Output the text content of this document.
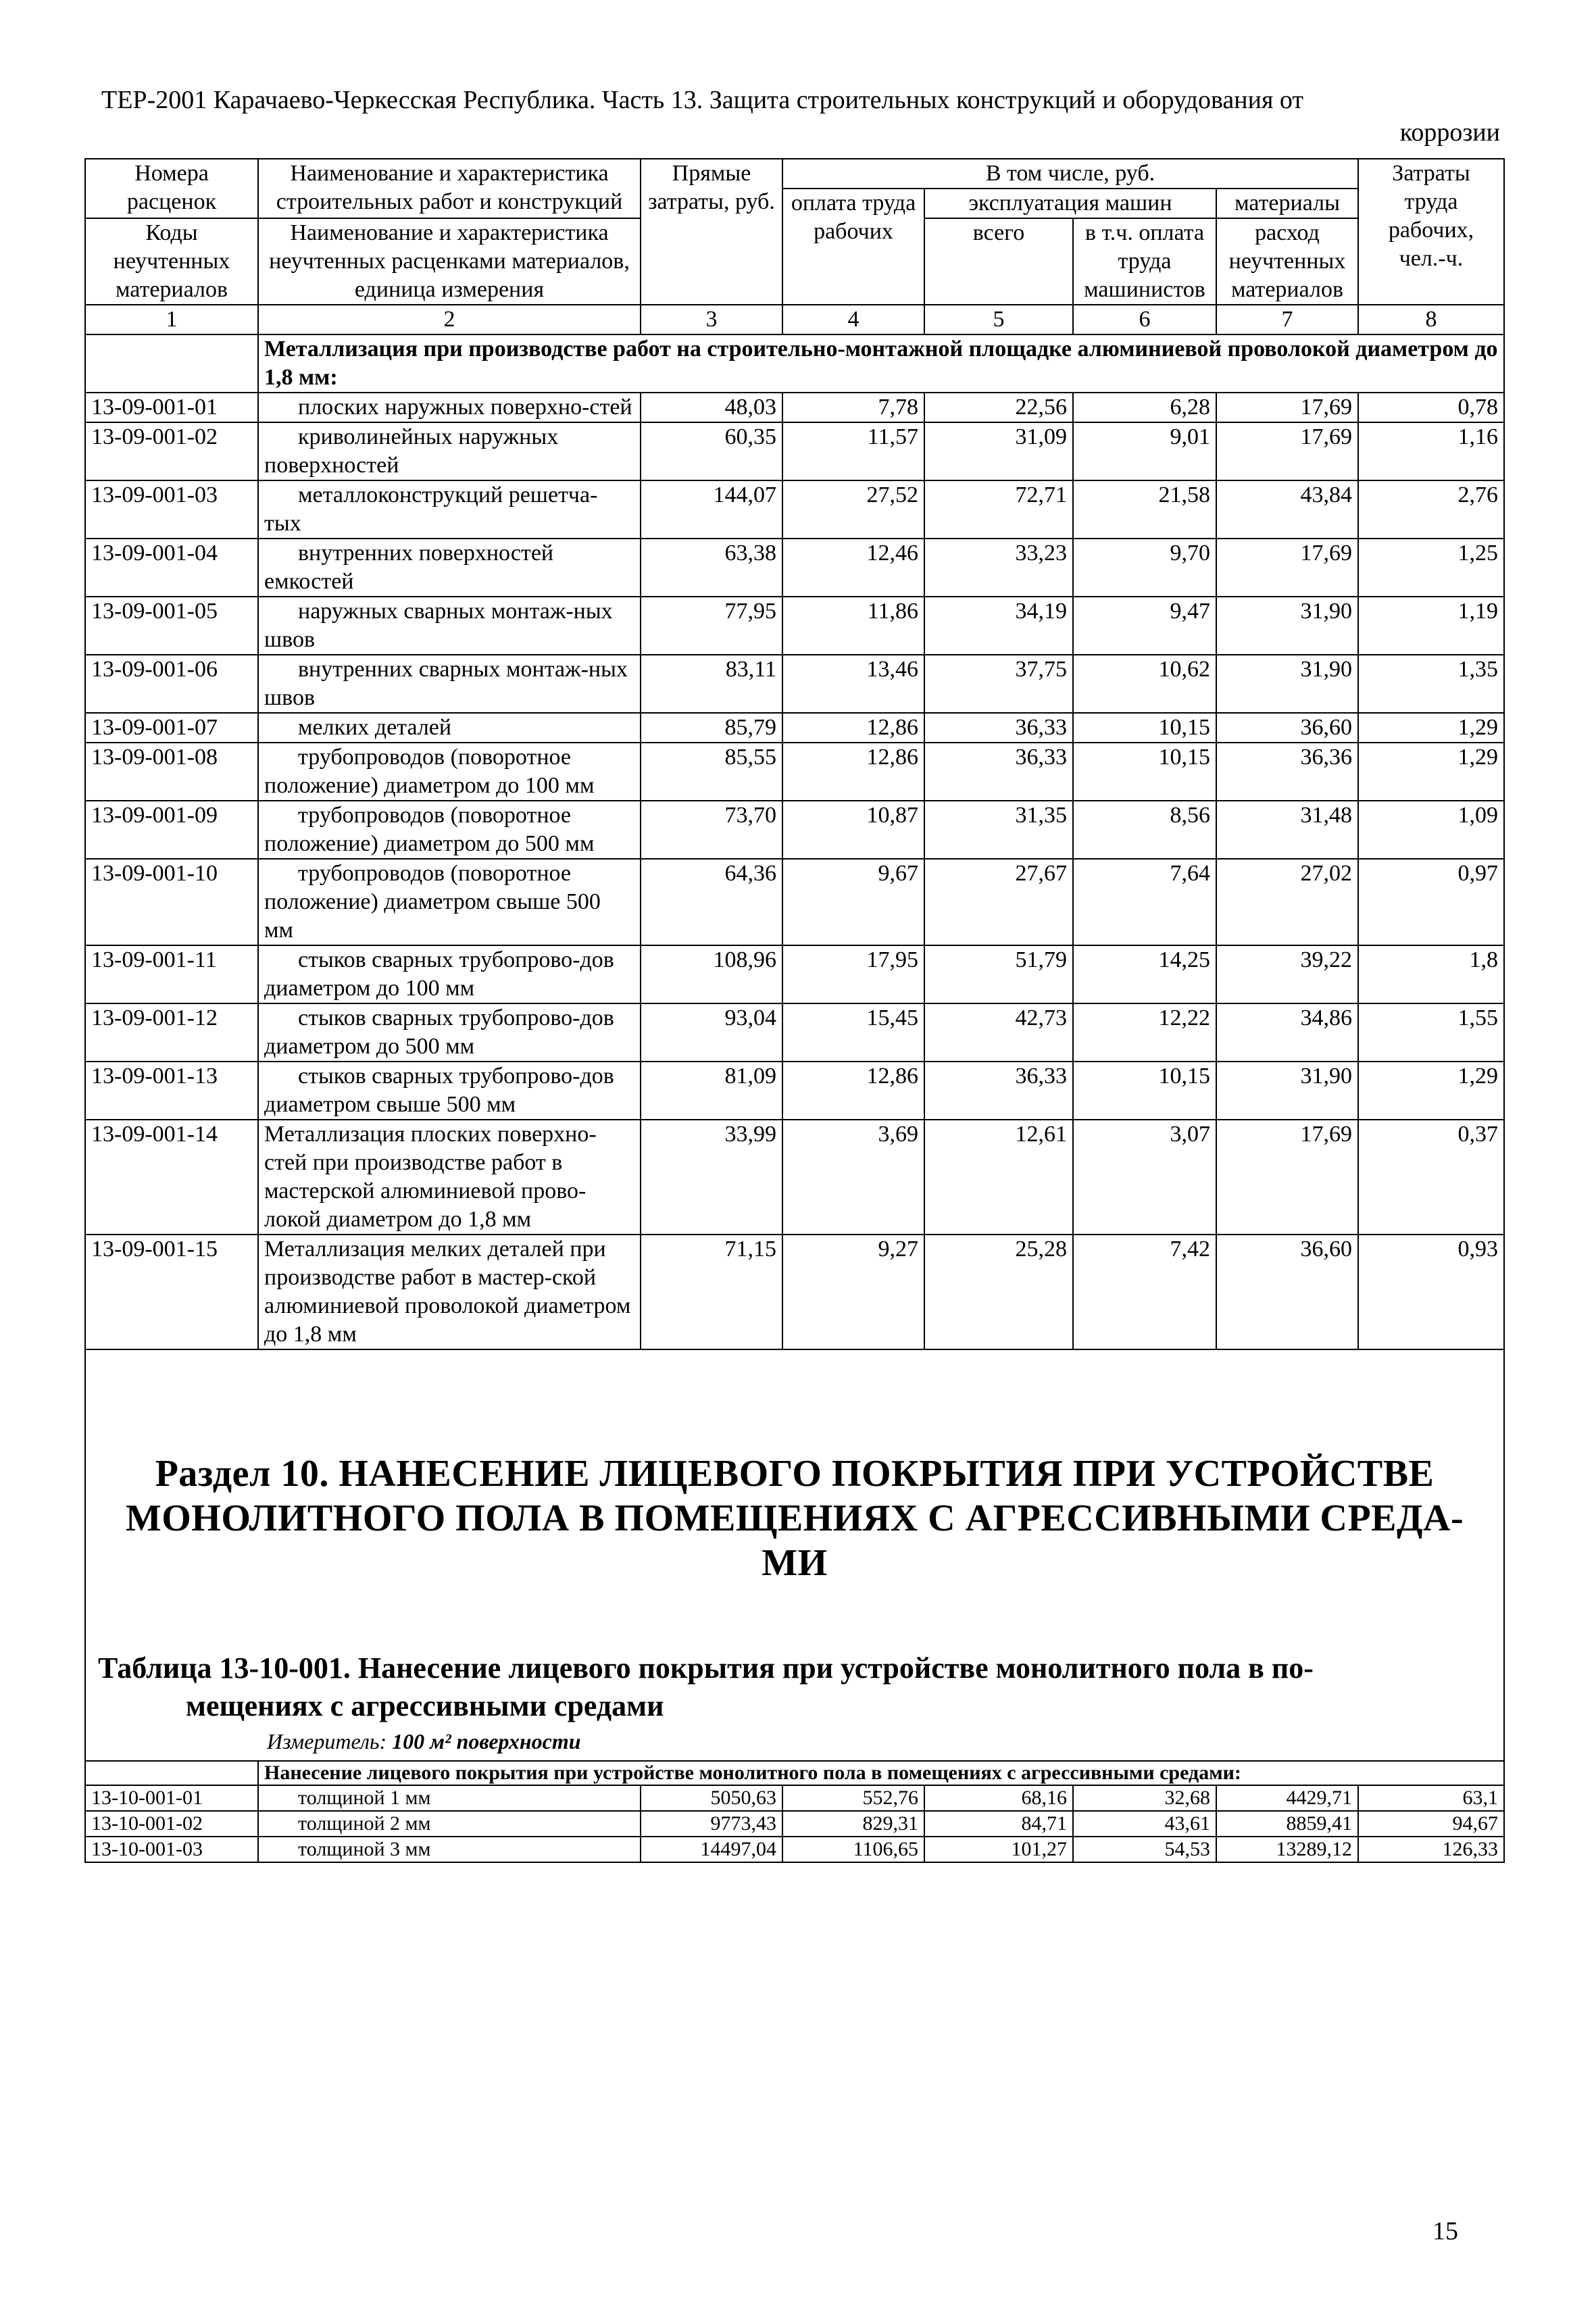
ТЕР-2001 Карачаево-Черкесская Республика. Часть 13. Защита строительных конструкций и оборудования от
коррозии
Номера расценок	Наименование и характеристика строительных работ и конструкций	Прямые затраты, руб.	В том числе, руб.				Затраты труда рабочих, чел.-ч.
			оплата труда рабочих	эксплуатация машин		материалы	
Коды неучтенных материалов	Наименование и характеристика неучтенных расценками материалов, единица измерения			всего	в т.ч. оплата труда машинистов	расход неучтенных материалов	

1	2	3	4	5	6	7	8
	Металлизация при производстве работ на строительно-монтажной площадке алюминиевой проволокой диаметром до 1,8 мм:						
13-09-001-01	плоских наружных поверхно-стей	48,03	7,78	22,56	6,28	17,69	0,78
13-09-001-02	криволинейных наружных поверхностей	60,35	11,57	31,09	9,01	17,69	1,16
13-09-001-03	металлоконструкций решетча-тых	144,07	27,52	72,71	21,58	43,84	2,76
13-09-001-04	внутренних поверхностей емкостей	63,38	12,46	33,23	9,70	17,69	1,25
13-09-001-05	наружных сварных монтаж-ных швов	77,95	11,86	34,19	9,47	31,90	1,19
13-09-001-06	внутренних сварных монтаж-ных швов	83,11	13,46	37,75	10,62	31,90	1,35
13-09-001-07	мелких деталей	85,79	12,86	36,33	10,15	36,60	1,29
13-09-001-08	трубопроводов (поворотное положение) диаметром до 100 мм	85,55	12,86	36,33	10,15	36,36	1,29
13-09-001-09	трубопроводов (поворотное положение) диаметром до 500 мм	73,70	10,87	31,35	8,56	31,48	1,09
13-09-001-10	трубопроводов (поворотное положение) диаметром свыше 500 мм	64,36	9,67	27,67	7,64	27,02	0,97
13-09-001-11	стыков сварных трубопрово-дов диаметром до 100 мм	108,96	17,95	51,79	14,25	39,22	1,8
13-09-001-12	стыков сварных трубопрово-дов диаметром до 500 мм	93,04	15,45	42,73	12,22	34,86	1,55
13-09-001-13	стыков сварных трубопрово-дов диаметром свыше 500 мм	81,09	12,86	36,33	10,15	31,90	1,29
13-09-001-14	Металлизация плоских поверхно-стей при производстве работ в мастерской алюминиевой прово-локой диаметром до 1,8 мм	33,99	3,69	12,61	3,07	17,69	0,37
13-09-001-15	Металлизация мелких деталей при производстве работ в мастер-ской алюминиевой проволокой диаметром до 1,8 мм	71,15	9,27	25,28	7,42	36,60	0,93

Раздел 10. НАНЕСЕНИЕ ЛИЦЕВОГО ПОКРЫТИЯ ПРИ УСТРОЙСТВЕ МОНОЛИТНОГО ПОЛА В ПОМЕЩЕНИЯХ С АГРЕССИВНЫМИ СРЕДА-МИ
Таблица 13-10-001. Нанесение лицевого покрытия при устройстве монолитного пола в по-
мещениях с агрессивными средами
Измеритель: 100 м² поверхности							

	Нанесение лицевого покрытия при устройстве монолитного пола в помещениях с агрессивными средами:						
13-10-001-01	толщиной 1 мм	5050,63	552,76	68,16	32,68	4429,71	63,1
13-10-001-02	толщиной 2 мм	9773,43	829,31	84,71	43,61	8859,41	94,67
13-10-001-03	толщиной 3 мм	14497,04	1106,65	101,27	54,53	13289,12	126,33
15
